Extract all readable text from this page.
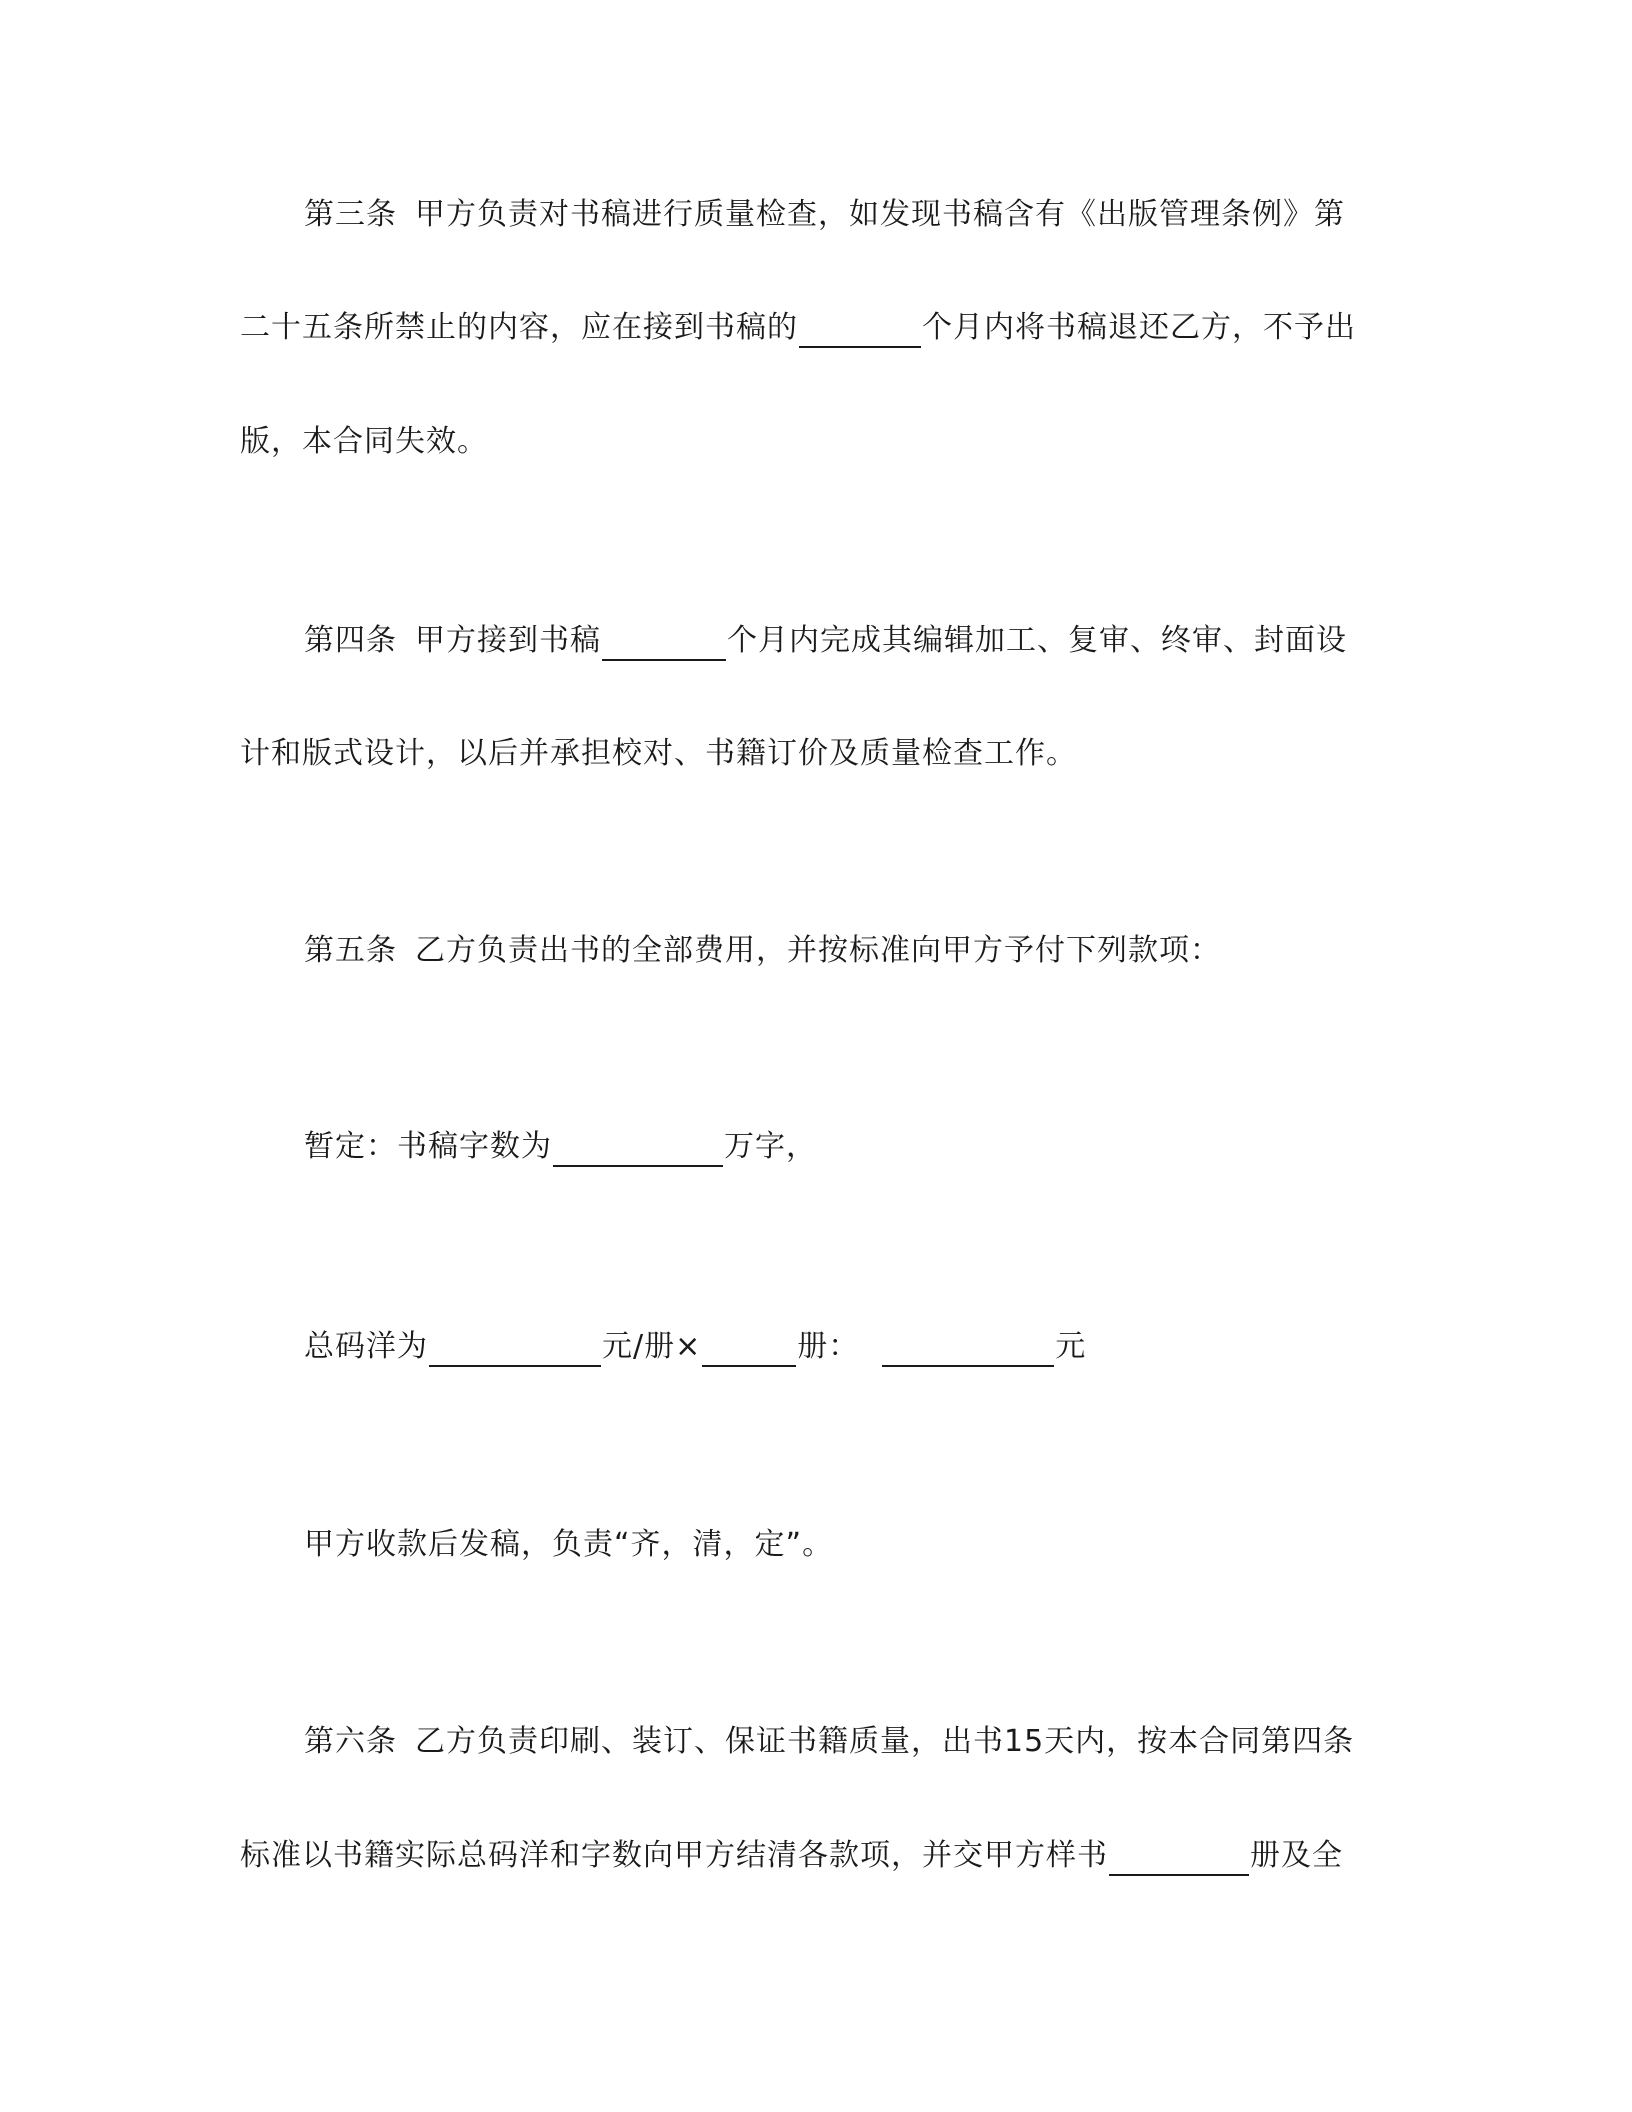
第三条 甲方负责对书稿进行质量检查，如发现书稿含有《出版管理条例》第
二十五条所禁止的内容，应在接到书稿的	个月内将书稿退还乙方，不予出
版，本合同失效。
第四条 甲方接到书稿	个月内完成其编辑加工、复审、终审、封面设
计和版式设计，以后并承担校对、书籍订价及质量检查工作。
第五条 乙方负责出书的全部费用，并按标准向甲方予付下列款项：
暂定：书稿字数为	万字，
总码洋为	元/册×	册：	元
甲方收款后发稿，负责“齐，清，定”。
第六条 乙方负责印刷、装订、保证书籍质量，出书15天内，按本合同第四条
标准以书籍实际总码洋和字数向甲方结清各款项，并交甲方样书	册及全
